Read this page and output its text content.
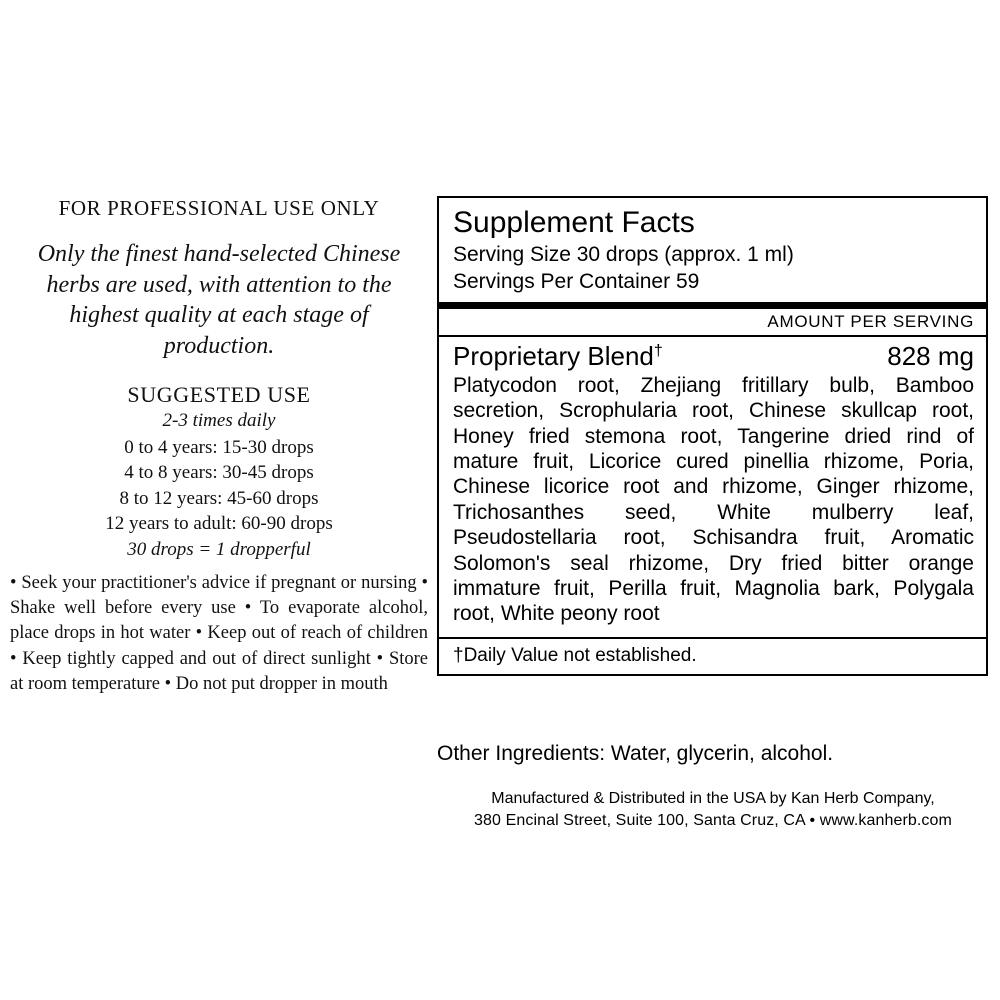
FOR PROFESSIONAL USE ONLY
Only the finest hand-selected Chinese herbs are used, with attention to the highest quality at each stage of production.
SUGGESTED USE
2-3 times daily
0 to 4 years: 15-30 drops
4 to 8 years: 30-45 drops
8 to 12 years: 45-60 drops
12 years to adult: 60-90 drops
30 drops = 1 dropperful
• Seek your practitioner's advice if pregnant or nursing • Shake well before every use • To evaporate alcohol, place drops in hot water • Keep out of reach of children • Keep tightly capped and out of direct sunlight • Store at room temperature • Do not put dropper in mouth
Supplement Facts
Serving Size 30 drops (approx. 1 ml)
Servings Per Container 59
AMOUNT PER SERVING
Proprietary Blend†	828 mg
Platycodon root, Zhejiang fritillary bulb, Bamboo secretion, Scrophularia root, Chinese skullcap root, Honey fried stemona root, Tangerine dried rind of mature fruit, Licorice cured pinellia rhizome, Poria, Chinese licorice root and rhizome, Ginger rhizome, Trichosanthes seed, White mulberry leaf, Pseudostellaria root, Schisandra fruit, Aromatic Solomon's seal rhizome, Dry fried bitter orange immature fruit, Perilla fruit, Magnolia bark, Polygala root, White peony root
†Daily Value not established.
Other Ingredients: Water, glycerin, alcohol.
Manufactured & Distributed in the USA by Kan Herb Company,
380 Encinal Street, Suite 100, Santa Cruz, CA • www.kanherb.com
